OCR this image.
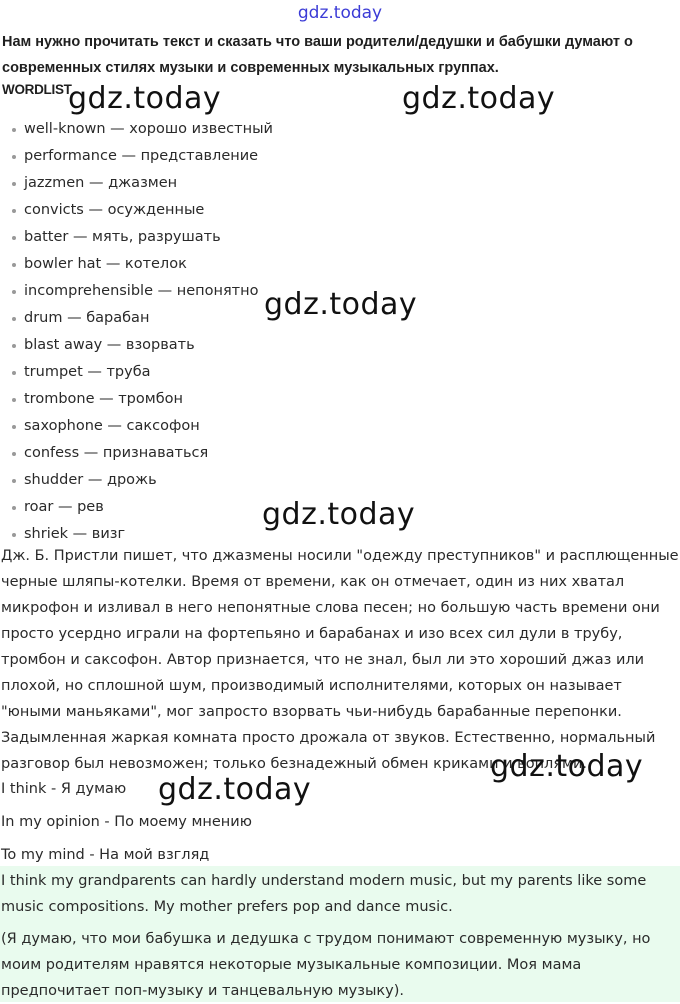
gdz.today
Нам нужно прочитать текст и сказать что ваши родители/дедушки и бабушки думают о современных стилях музыки и современных музыкальных группах.
WORDLIST
well-known — хорошо известный
performance — представление
jazzmen — джазмен
convicts — осужденные
batter — мять, разрушать
bowler hat — котелок
incomprehensible — непонятно
drum — барабан
blast away — взорвать
trumpet — труба
trombone — тромбон
saxophone — саксофон
confess — признаваться
shudder — дрожь
roar — рев
shriek — визг

Дж. Б. Пристли пишет, что джазмены носили "одежду преступников" и расплющенные черные шляпы-котелки. Время от времени, как он отмечает, один из них хватал микрофон и изливал в него непонятные слова песен; но большую часть времени они просто усердно играли на фортепьяно и барабанах и изо всех сил дули в трубу, тромбон и саксофон. Автор признается, что не знал, был ли это хороший джаз или плохой, но сплошной шум, производимый исполнителями, которых он называет "юными маньяками", мог запросто взорвать чьи-нибудь барабанные перепонки. Задымленная жаркая комната просто дрожала от звуков. Естественно, нормальный разговор был невозможен; только безнадежный обмен криками и воплями.

I think - Я думаю
In my opinion - По моему мнению
To my mind - На мой взгляд

I think my grandparents can hardly understand modern music, but my parents like some music compositions. My mother prefers pop and dance music.

(Я думаю, что мои бабушка и дедушка с трудом понимают современную музыку, но моим родителям нравятся некоторые музыкальные композиции. Моя мама предпочитает поп-музыку и танцевальную музыку).

gdz.today	gdz.today
gdz.today
gdz.today
gdz.today
gdz.today
